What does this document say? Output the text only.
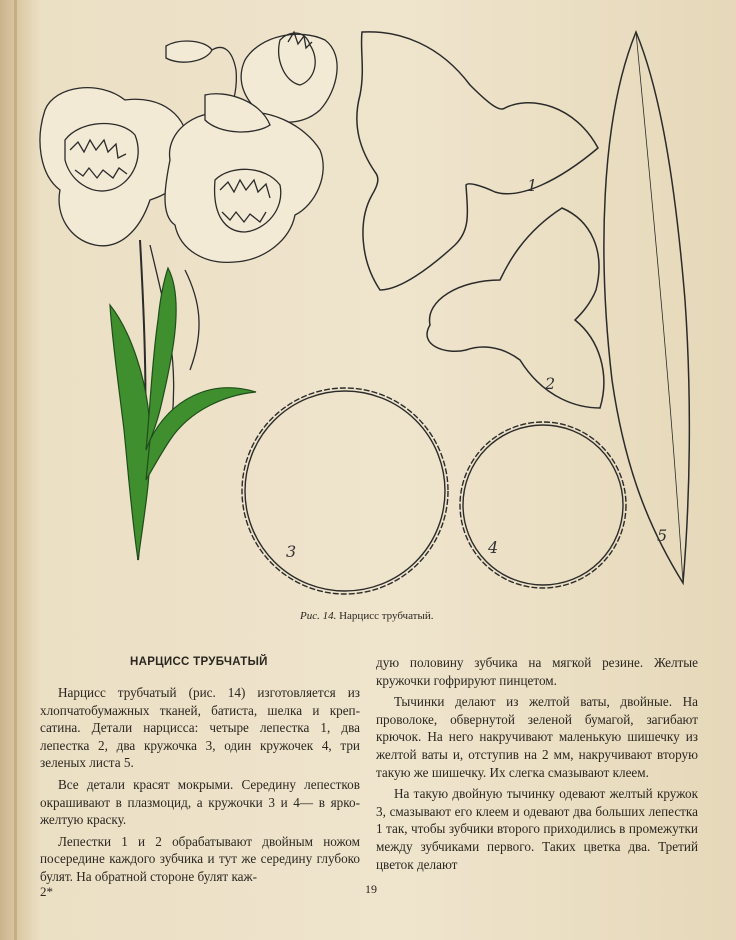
1
2
3	4
5
Рис. 14. Нарцисс трубчатый.
НАРЦИСС ТРУБЧАТЫЙ

Нарцисс трубчатый (рис. 14) изготовляется из хлопчатобумажных тканей, батиста, шелка и креп-сатина. Детали нарцисса: четыре лепестка 1, два лепестка 2, два кружочка 3, один кружочек 4, три зеленых листа 5.

Все детали красят мокрыми. Середину лепестков окрашивают в плазмоцид, а кружочки 3 и 4— в ярко-желтую краску.

Лепестки 1 и 2 обрабатывают двойным ножом посередине каждого зубчика и тут же середину глубоко булят. На обратной стороне булят каж-

дую половину зубчика на мягкой резине. Желтые кружочки гофрируют пинцетом.

Тычинки делают из желтой ваты, двойные. На проволоке, обвернутой зеленой бумагой, загибают крючок. На него накручивают маленькую шишечку из желтой ваты и, отступив на 2 мм, накручивают вторую такую же шишечку. Их слегка смазывают клеем.

На такую двойную тычинку одевают желтый кружок 3, смазывают его клеем и одевают два больших лепестка 1 так, чтобы зубчики второго приходились в промежутки между зубчиками первого. Таких цветка два. Третий цветок делают

2*	19
